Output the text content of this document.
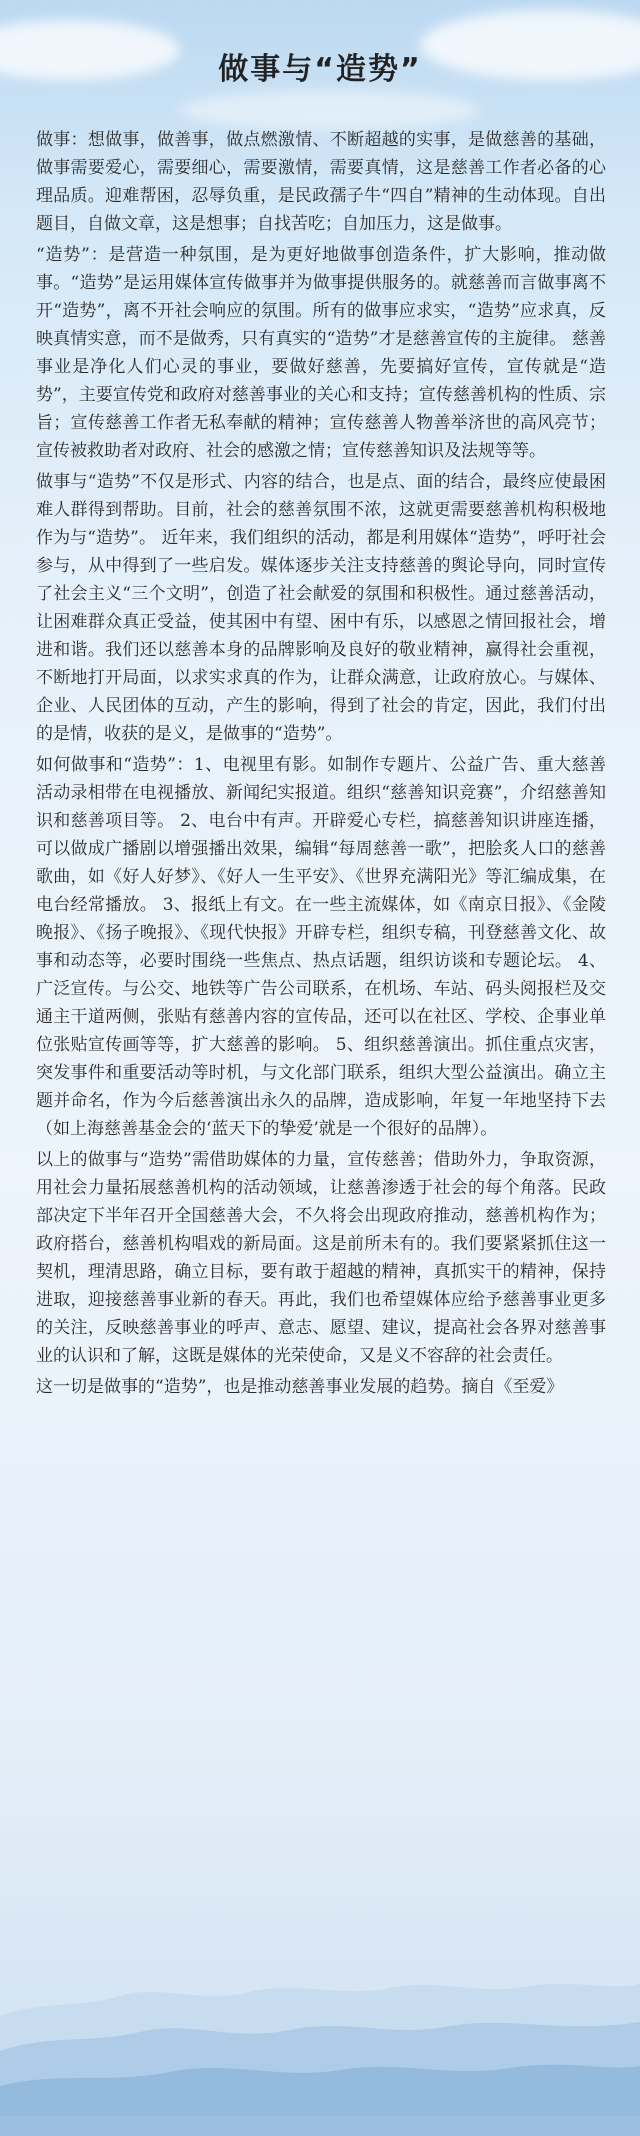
做事与“造势”

做事：想做事，做善事，做点燃激情、不断超越的实事，是做慈善的基础，做事需要爱心，需要细心，需要激情，需要真情，这是慈善工作者必备的心理品质。迎难帮困，忍辱负重，是民政孺子牛“四自”精神的生动体现。自出题目，自做文章，这是想事；自找苦吃；自加压力，这是做事。

“造势”：是营造一种氛围，是为更好地做事创造条件，扩大影响，推动做事。“造势”是运用媒体宣传做事并为做事提供服务的。就慈善而言做事离不开“造势”，离不开社会响应的氛围。所有的做事应求实，“造势”应求真，反映真情实意，而不是做秀，只有真实的“造势”才是慈善宣传的主旋律。 慈善事业是净化人们心灵的事业，要做好慈善，先要搞好宣传，宣传就是“造势”，主要宣传党和政府对慈善事业的关心和支持；宣传慈善机构的性质、宗旨；宣传慈善工作者无私奉献的精神；宣传慈善人物善举济世的高风亮节；宣传被救助者对政府、社会的感激之情；宣传慈善知识及法规等等。

做事与“造势”不仅是形式、内容的结合，也是点、面的结合，最终应使最困难人群得到帮助。目前，社会的慈善氛围不浓，这就更需要慈善机构积极地作为与“造势”。 近年来，我们组织的活动，都是利用媒体“造势”，呼吁社会参与，从中得到了一些启发。媒体逐步关注支持慈善的舆论导向，同时宣传了社会主义“三个文明”，创造了社会献爱的氛围和积极性。通过慈善活动，让困难群众真正受益，使其困中有望、困中有乐，以感恩之情回报社会，增进和谐。我们还以慈善本身的品牌影响及良好的敬业精神，赢得社会重视，不断地打开局面，以求实求真的作为，让群众满意，让政府放心。与媒体、企业、人民团体的互动，产生的影响，得到了社会的肯定，因此，我们付出的是情，收获的是义，是做事的“造势”。

如何做事和“造势”：1、电视里有影。如制作专题片、公益广告、重大慈善活动录相带在电视播放、新闻纪实报道。组织“慈善知识竞赛”，介绍慈善知识和慈善项目等。 2、电台中有声。开辟爱心专栏，搞慈善知识讲座连播，可以做成广播剧以增强播出效果，编辑“每周慈善一歌”，把脍炙人口的慈善歌曲，如《好人好梦》、《好人一生平安》、《世界充满阳光》等汇编成集，在电台经常播放。 3、报纸上有文。在一些主流媒体，如《南京日报》、《金陵晚报》、《扬子晚报》、《现代快报》开辟专栏，组织专稿，刊登慈善文化、故事和动态等，必要时围绕一些焦点、热点话题，组织访谈和专题论坛。 4、广泛宣传。与公交、地铁等广告公司联系，在机场、车站、码头阅报栏及交通主干道两侧，张贴有慈善内容的宣传品，还可以在社区、学校、企事业单位张贴宣传画等等，扩大慈善的影响。 5、组织慈善演出。抓住重点灾害，突发事件和重要活动等时机，与文化部门联系，组织大型公益演出。确立主题并命名，作为今后慈善演出永久的品牌，造成影响，年复一年地坚持下去（如上海慈善基金会的‘蓝天下的挚爱’就是一个很好的品牌）。

以上的做事与“造势”需借助媒体的力量，宣传慈善；借助外力，争取资源，用社会力量拓展慈善机构的活动领域，让慈善渗透于社会的每个角落。民政部决定下半年召开全国慈善大会，不久将会出现政府推动，慈善机构作为；政府搭台，慈善机构唱戏的新局面。这是前所未有的。我们要紧紧抓住这一契机，理清思路，确立目标，要有敢于超越的精神，真抓实干的精神，保持进取，迎接慈善事业新的春天。再此，我们也希望媒体应给予慈善事业更多的关注，反映慈善事业的呼声、意志、愿望、建议，提高社会各界对慈善事业的认识和了解，这既是媒体的光荣使命，又是义不容辞的社会责任。

这一切是做事的“造势”，也是推动慈善事业发展的趋势。摘自《至爱》
